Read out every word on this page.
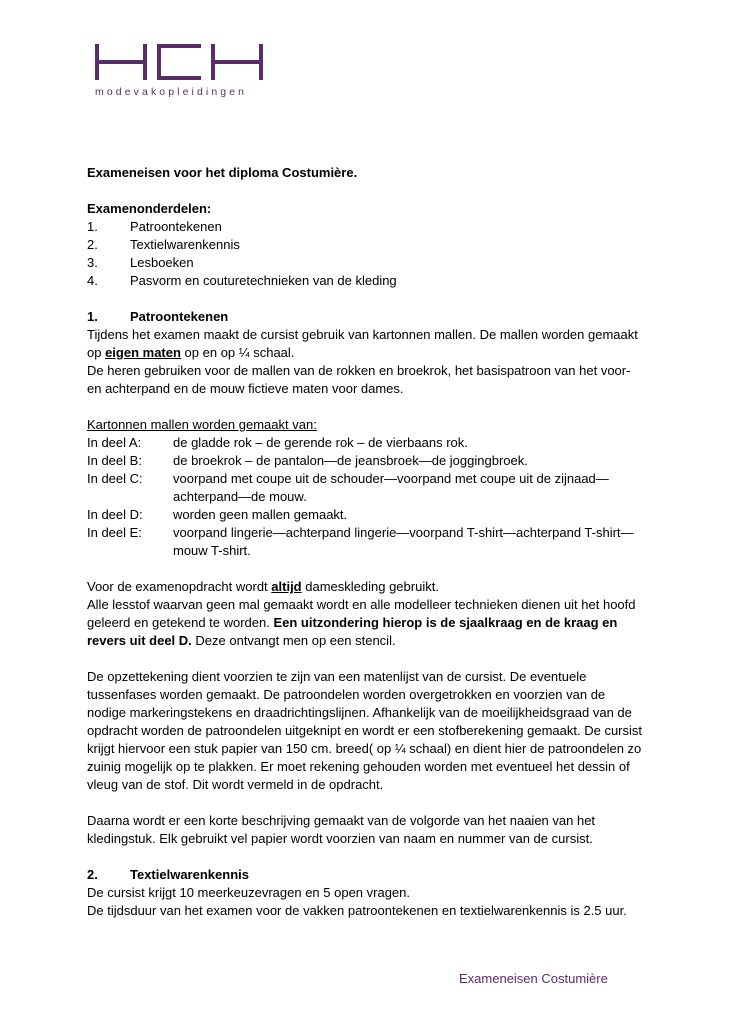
modevakopleidingen

Exameneisen voor het diploma Costumière.

Examenonderdelen:

1. Patroontekenen

2. Textielwarenkennis

3. Lesboeken

4. Pasvorm en couturetechnieken van de kleding

1. Patroontekenen

Tijdens het examen maakt de cursist gebruik van kartonnen mallen. De mallen worden gemaakt op eigen maten op en op ¼ schaal.

De heren gebruiken voor de mallen van de rokken en broekrok, het basispatroon van het voor- en achterpand en de mouw fictieve maten voor dames.

Kartonnen mallen worden gemaakt van:

In deel A:	de gladde rok – de gerende rok – de vierbaans rok.
In deel B:	de broekrok – de pantalon—de jeansbroek—de joggingbroek.
In deel C:	voorpand met coupe uit de schouder—voorpand met coupe uit de zijnaad—achterpand—de mouw.
In deel D:	worden geen mallen gemaakt.
In deel E:	voorpand lingerie—achterpand lingerie—voorpand T-shirt—achterpand T-shirt—mouw T-shirt.

Voor de examenopdracht wordt altijd dameskleding gebruikt.

Alle lesstof waarvan geen mal gemaakt wordt en alle modelleer technieken dienen uit het hoofd geleerd en getekend te worden. Een uitzondering hierop is de sjaalkraag en de kraag en revers uit deel D. Deze ontvangt men op een stencil.

De opzettekening dient voorzien te zijn van een matenlijst van de cursist. De eventuele tussenfases worden gemaakt. De patroondelen worden overgetrokken en voorzien van de nodige markeringstekens en draadrichtingslijnen. Afhankelijk van de moeilijkheidsgraad van de opdracht worden de patroondelen uitgeknipt en wordt er een stofberekening gemaakt. De cursist krijgt hiervoor een stuk papier van 150 cm. breed( op ¼ schaal) en dient hier de patroondelen zo zuinig mogelijk op te plakken. Er moet rekening gehouden worden met eventueel het dessin of vleug van de stof. Dit wordt vermeld in de opdracht.

Daarna wordt er een korte beschrijving gemaakt van de volgorde van het naaien van het kledingstuk. Elk gebruikt vel papier wordt voorzien van naam en nummer van de cursist.

2. Textielwarenkennis

De cursist krijgt 10 meerkeuzevragen en 5 open vragen.

De tijdsduur van het examen voor de vakken patroontekenen en textielwarenkennis is 2.5 uur.

Exameneisen Costumière
